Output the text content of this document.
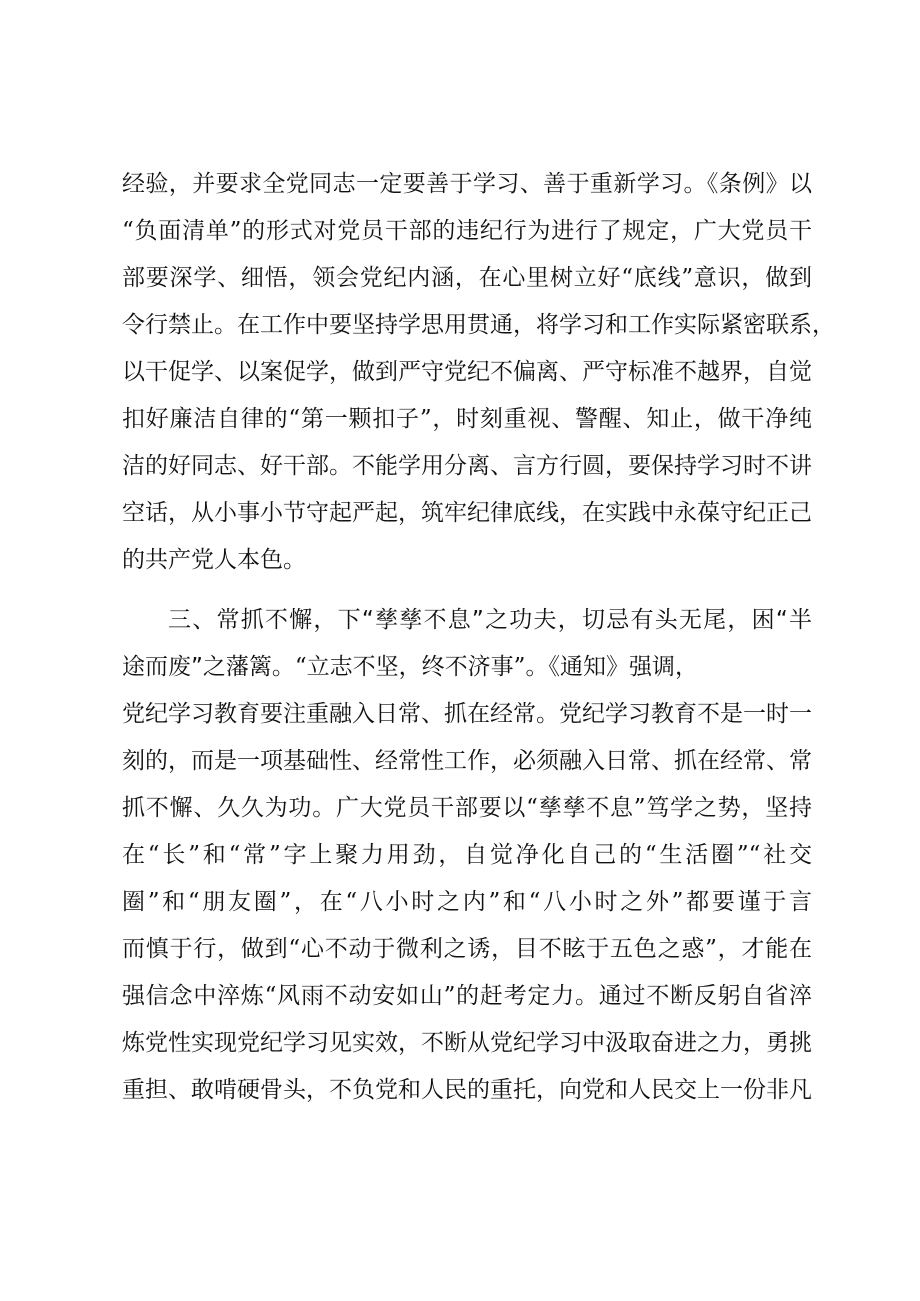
经验，并要求全党同志一定要善于学习、善于重新学习。《条例》以
“负面清单”的形式对党员干部的违纪行为进行了规定，广大党员干
部要深学、细悟，领会党纪内涵，在心里树立好“底线”意识，做到
令行禁止。在工作中要坚持学思用贯通，将学习和工作实际紧密联系，
以干促学、以案促学，做到严守党纪不偏离、严守标准不越界，自觉
扣好廉洁自律的“第一颗扣子”，时刻重视、警醒、知止，做干净纯
洁的好同志、好干部。不能学用分离、言方行圆，要保持学习时不讲
空话，从小事小节守起严起，筑牢纪律底线，在实践中永葆守纪正己
的共产党人本色。
三、常抓不懈，下“孳孳不息”之功夫，切忌有头无尾，困“半
途而废”之藩篱。“立志不坚，终不济事”。《通知》强调，
党纪学习教育要注重融入日常、抓在经常。党纪学习教育不是一时一
刻的，而是一项基础性、经常性工作，必须融入日常、抓在经常、常
抓不懈、久久为功。广大党员干部要以“孳孳不息”笃学之势，坚持
在“长”和“常”字上聚力用劲，自觉净化自己的“生活圈”“社交
圈”和“朋友圈”，在“八小时之内”和“八小时之外”都要谨于言
而慎于行，做到“心不动于微利之诱，目不眩于五色之惑”，才能在
强信念中淬炼“风雨不动安如山”的赶考定力。通过不断反躬自省淬
炼党性实现党纪学习见实效，不断从党纪学习中汲取奋进之力，勇挑
重担、敢啃硬骨头，不负党和人民的重托，向党和人民交上一份非凡
